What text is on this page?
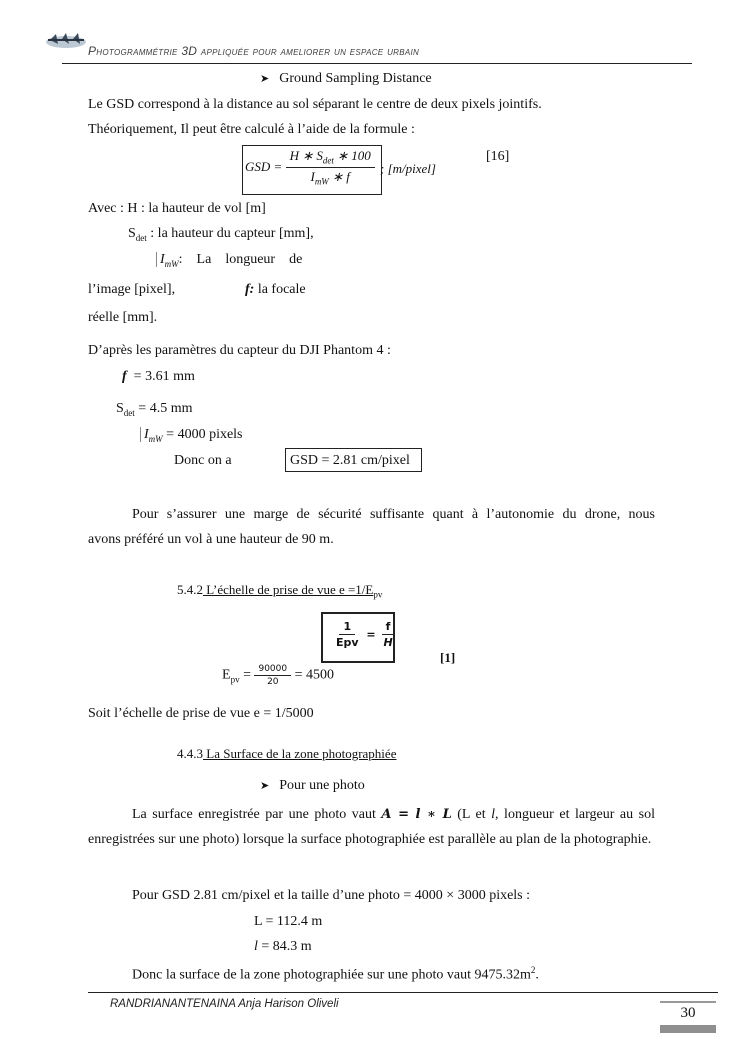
Photogrammétrie 3D appliquée pour ameliorer un espace urbain
➤ Ground Sampling Distance
Le GSD correspond à la distance au sol séparant le centre de deux pixels jointifs.
Théoriquement, Il peut être calculé à l’aide de la formule :
GSD = $\frac{H ∗ S_{det} ∗ 100}{I_{mW} ∗ f}$ ; [m/pixel]
[16]
Avec : H : la hauteur de vol [m]
$S_{det}$ : la hauteur du capteur [mm],
$I_{mW}$:    La    longueur    de
l’image [pixel],	f: la focale
réelle [mm].
D’après les paramètres du capteur du DJI Phantom 4 :
f  = 3.61 mm
$S_{det} = 4.5$ mm
$I_{mW} = 4000$ pixels
Donc on a	GSD = 2.81 cm/pixel
Pour s’assurer une marge de sécurité suffisante quant à l’autonomie du drone, nous
avons préféré un vol à une hauteur de 90 m.
5.4.2 L’échelle de prise de vue $e =1/E_{pv}$
$\frac{1}{\text{Epv}} = \frac{f}{H}$
[1]
$E_{pv} = \frac{90000}{20} = 4500$
Soit l’échelle de prise de vue e = 1/5000
4.4.3 La Surface de la zone photographiée
➤ Pour une photo
La surface enregistrée par une photo vaut A = l ∗ L (L et l, longueur et largeur au sol enregistrées sur une photo) lorsque la surface photographiée est parallèle au plan de la photographie.
Pour GSD 2.81 cm/pixel et la taille d’une photo = 4000 × 3000 pixels :
L = 112.4 m
l = 84.3 m
Donc la surface de la zone photographiée sur une photo vaut $9475.32m^2$.
RANDRIANANTENAINA Anja Harison Oliveli
30
